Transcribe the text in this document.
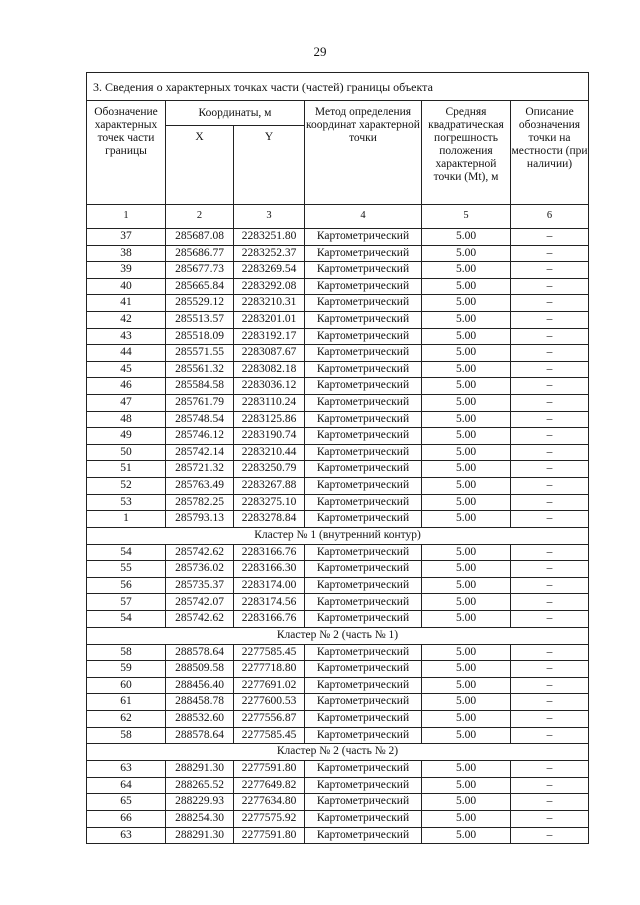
29
3. Сведения о характерных точках части (частей) границы объекта					
Обозначение характерных точек части границы	Координаты, м		Метод определения координат характерной точки	Средняя квадратическая погрешность положения характерной точки (Mt), м	Описание обозначения точки на местности (при наличии)
	X	Y			
1	2	3	4	5	6
37	285687.08	2283251.80	Картометрический	5.00	–
38	285686.77	2283252.37	Картометрический	5.00	–
39	285677.73	2283269.54	Картометрический	5.00	–
40	285665.84	2283292.08	Картометрический	5.00	–
41	285529.12	2283210.31	Картометрический	5.00	–
42	285513.57	2283201.01	Картометрический	5.00	–
43	285518.09	2283192.17	Картометрический	5.00	–
44	285571.55	2283087.67	Картометрический	5.00	–
45	285561.32	2283082.18	Картометрический	5.00	–
46	285584.58	2283036.12	Картометрический	5.00	–
47	285761.79	2283110.24	Картометрический	5.00	–
48	285748.54	2283125.86	Картометрический	5.00	–
49	285746.12	2283190.74	Картометрический	5.00	–
50	285742.14	2283210.44	Картометрический	5.00	–
51	285721.32	2283250.79	Картометрический	5.00	–
52	285763.49	2283267.88	Картометрический	5.00	–
53	285782.25	2283275.10	Картометрический	5.00	–
1	285793.13	2283278.84	Картометрический	5.00	–
Кластер № 1 (внутренний контур)					
54	285742.62	2283166.76	Картометрический	5.00	–
55	285736.02	2283166.30	Картометрический	5.00	–
56	285735.37	2283174.00	Картометрический	5.00	–
57	285742.07	2283174.56	Картометрический	5.00	–
54	285742.62	2283166.76	Картометрический	5.00	–
Кластер № 2 (часть № 1)					
58	288578.64	2277585.45	Картометрический	5.00	–
59	288509.58	2277718.80	Картометрический	5.00	–
60	288456.40	2277691.02	Картометрический	5.00	–
61	288458.78	2277600.53	Картометрический	5.00	–
62	288532.60	2277556.87	Картометрический	5.00	–
58	288578.64	2277585.45	Картометрический	5.00	–
Кластер № 2 (часть № 2)					
63	288291.30	2277591.80	Картометрический	5.00	–
64	288265.52	2277649.82	Картометрический	5.00	–
65	288229.93	2277634.80	Картометрический	5.00	–
66	288254.30	2277575.92	Картометрический	5.00	–
63	288291.30	2277591.80	Картометрический	5.00	–
